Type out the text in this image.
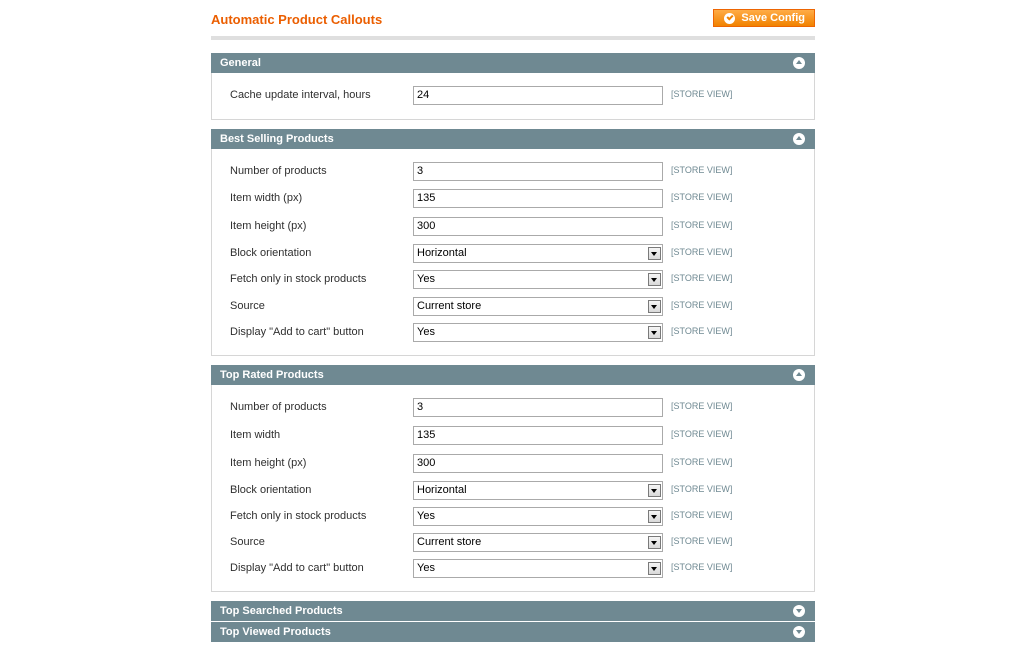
Automatic Product Callouts	Save Config
General
Cache update interval, hours	24	[STORE VIEW]
Best Selling Products
Number of products	3	[STORE VIEW]
Item width (px)	135	[STORE VIEW]
Item height (px)	300	[STORE VIEW]
Block orientation	Horizontal	[STORE VIEW]
Fetch only in stock products	Yes	[STORE VIEW]
Source	Current store	[STORE VIEW]
Display "Add to cart" button	Yes	[STORE VIEW]
Top Rated Products
Number of products	3	[STORE VIEW]
Item width	135	[STORE VIEW]
Item height (px)	300	[STORE VIEW]
Block orientation	Horizontal	[STORE VIEW]
Fetch only in stock products	Yes	[STORE VIEW]
Source	Current store	[STORE VIEW]
Display "Add to cart" button	Yes	[STORE VIEW]
Top Searched Products
Top Viewed Products
